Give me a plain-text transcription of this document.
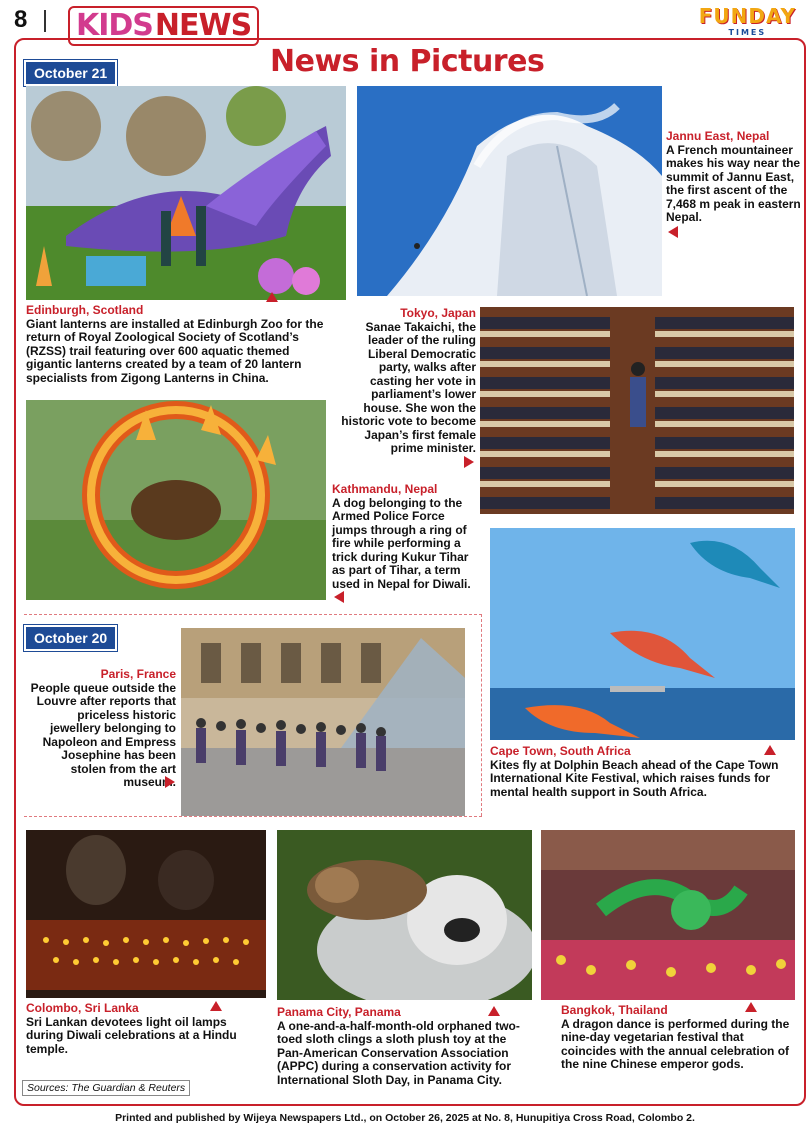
8 KIDSNEWS	FUNDAY
TIMES
News in Pictures
October 21
Edinburgh, Scotland
Giant lanterns are installed at Edinburgh Zoo for the return of Royal Zoological Society of Scotland’s (RZSS) trail featuring over 600 aquatic themed gigantic lanterns created by a team of 20 lantern specialists from Zigong Lanterns in China.
Jannu East, Nepal
A French mountaineer makes his way near the summit of Jannu East, the first ascent of the 7,468 m peak in eastern Nepal.
Tokyo, Japan
Sanae Takaichi, the leader of the ruling Liberal Democratic party, walks after casting her vote in parliament’s lower house. She won the historic vote to become Japan’s first female prime minister.
Kathmandu, Nepal
A dog belonging to the Armed Police Force jumps through a ring of fire while performing a trick during Kukur Tihar as part of Tihar, a term used in Nepal for Diwali.
October 20
Paris, France
People queue outside the Louvre after reports that priceless historic jewellery belonging to Napoleon and Empress Josephine has been stolen from the art museum.
Cape Town, South Africa
Kites fly at Dolphin Beach ahead of the Cape Town International Kite Festival, which raises funds for mental health support in South Africa.
Colombo, Sri Lanka
Sri Lankan devotees light oil lamps during Diwali celebrations at a Hindu temple.
Panama City, Panama
A one-and-a-half-month-old orphaned two-toed sloth clings a sloth plush toy at the Pan-American Conservation Association (APPC) during a conservation activity for International Sloth Day, in Panama City.
Bangkok, Thailand
A dragon dance is performed during the nine-day vegetarian festival that coincides with the annual celebration of the nine Chinese emperor gods.
Sources: The Guardian & Reuters
Printed and published by Wijeya Newspapers Ltd., on October 26, 2025 at No. 8, Hunupitiya Cross Road, Colombo 2.
